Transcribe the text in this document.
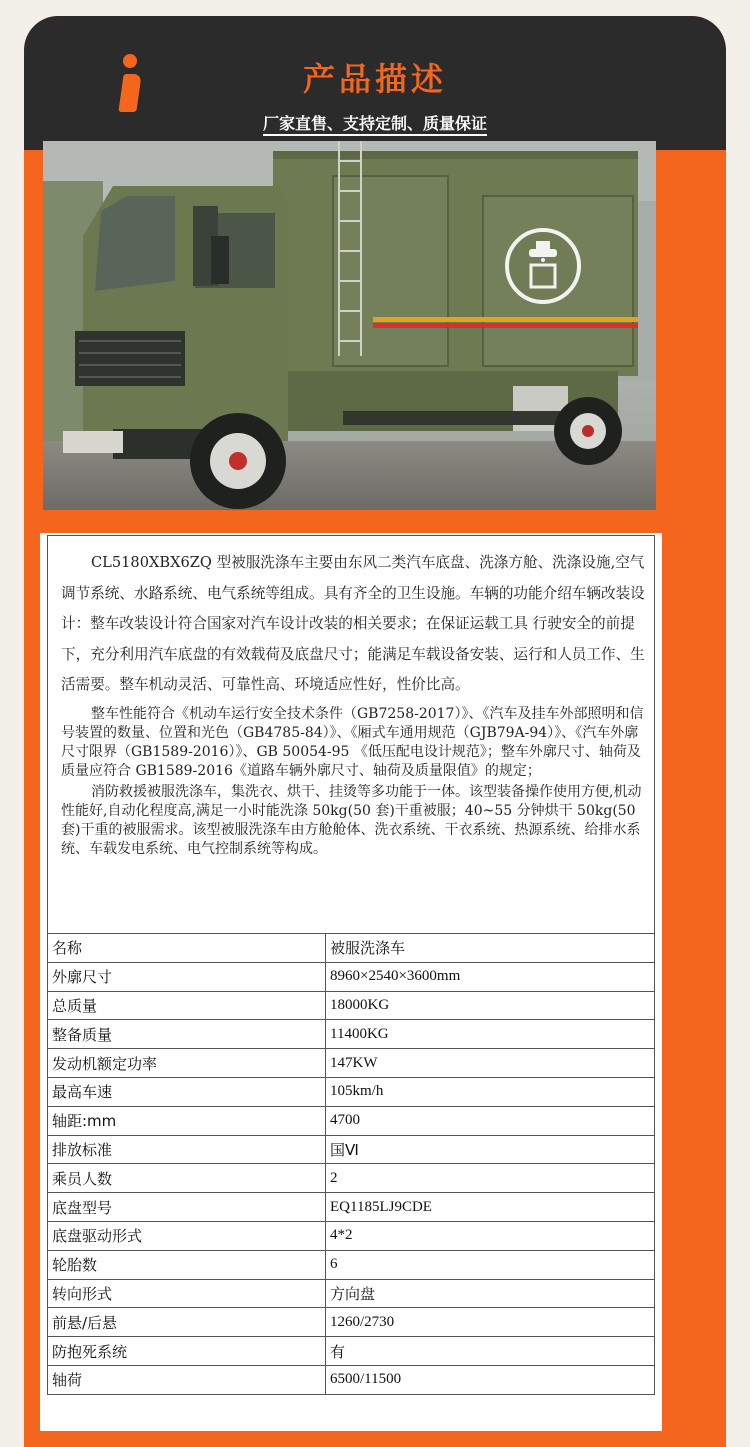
产品描述
厂家直售、支持定制、质量保证

CL5180XBX6ZQ 型被服洗涤车主要由东风二类汽车底盘、洗涤方舱、洗涤设施,空气调节系统、水路系统、电气系统等组成。具有齐全的卫生设施。车辆的功能介绍车辆改装设计：整车改装设计符合国家对汽车设计改装的相关要求；在保证运载工具 行驶安全的前提下，充分利用汽车底盘的有效载荷及底盘尺寸；能满足车载设备安装、运行和人员工作、生活需要。整车机动灵活、可靠性高、环境适应性好，性价比高。

整车性能符合《机动车运行安全技术条件（GB7258-2017）》、《汽车及挂车外部照明和信号装置的数量、位置和光色（GB4785-84）》、《厢式车通用规范（GJB79A-94）》、《汽车外廓尺寸限界（GB1589-2016）》、GB 50054-95 《低压配电设计规范》；整车外廓尺寸、轴荷及质量应符合 GB1589-2016《道路车辆外廓尺寸、轴荷及质量限值》的规定；

消防救援被服洗涤车，集洗衣、烘干、挂烫等多功能于一体。该型装备操作使用方便,机动性能好,自动化程度高,满足一小时能洗涤 50kg(50 套)干重被服；40~55 分钟烘干 50kg(50 套)干重的被服需求。该型被服洗涤车由方舱舱体、洗衣系统、干衣系统、热源系统、给排水系统、车载发电系统、电气控制系统等构成。

名称	被服洗涤车
外廓尺寸	8960×2540×3600mm
总质量	18000KG
整备质量	11400KG
发动机额定功率	147KW
最高车速	105km/h
轴距:mm	4700
排放标准	国Ⅵ
乘员人数	2
底盘型号	EQ1185LJ9CDE
底盘驱动形式	4*2
轮胎数	6
转向形式	方向盘
前悬/后悬	1260/2730
防抱死系统	有
轴荷	6500/11500
